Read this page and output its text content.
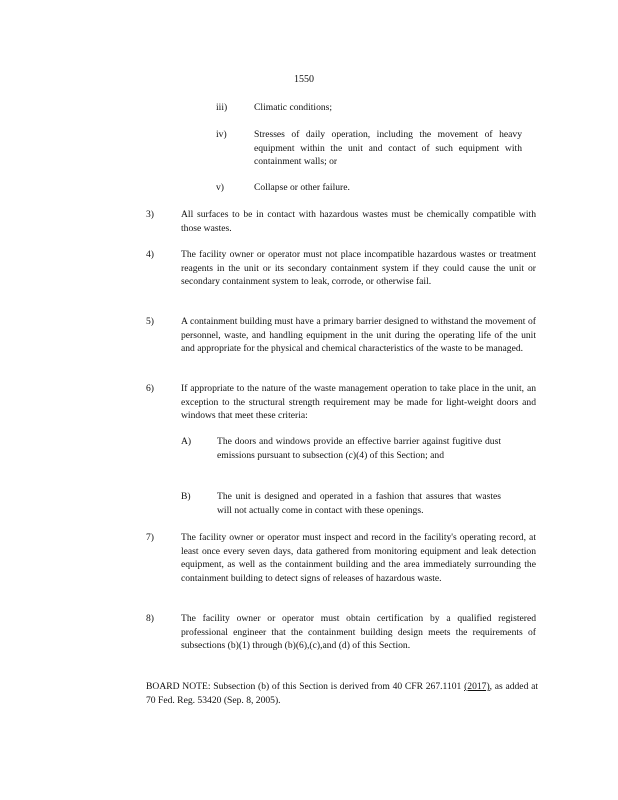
1550
iii)	Climatic conditions;
iv)	Stresses of daily operation, including the movement of heavy equipment within the unit and contact of such equipment with containment walls; or
v)	Collapse or other failure.
3)	All surfaces to be in contact with hazardous wastes must be chemically compatible with those wastes.
4)	The facility owner or operator must not place incompatible hazardous wastes or treatment reagents in the unit or its secondary containment system if they could cause the unit or secondary containment system to leak, corrode, or otherwise fail.
5)	A containment building must have a primary barrier designed to withstand the movement of personnel, waste, and handling equipment in the unit during the operating life of the unit and appropriate for the physical and chemical characteristics of the waste to be managed.
6)	If appropriate to the nature of the waste management operation to take place in the unit, an exception to the structural strength requirement may be made for light-weight doors and windows that meet these criteria:
A)	The doors and windows provide an effective barrier against fugitive dust emissions pursuant to subsection (c)(4) of this Section; and
B)	The unit is designed and operated in a fashion that assures that wastes will not actually come in contact with these openings.
7)	The facility owner or operator must inspect and record in the facility's operating record, at least once every seven days, data gathered from monitoring equipment and leak detection equipment, as well as the containment building and the area immediately surrounding the containment building to detect signs of releases of hazardous waste.
8)	The facility owner or operator must obtain certification by a qualified registered professional engineer that the containment building design meets the requirements of subsections (b)(1) through (b)(6),(c),and (d) of this Section.
BOARD NOTE: Subsection (b) of this Section is derived from 40 CFR 267.1101 (2017), as added at 70 Fed. Reg. 53420 (Sep. 8, 2005).
